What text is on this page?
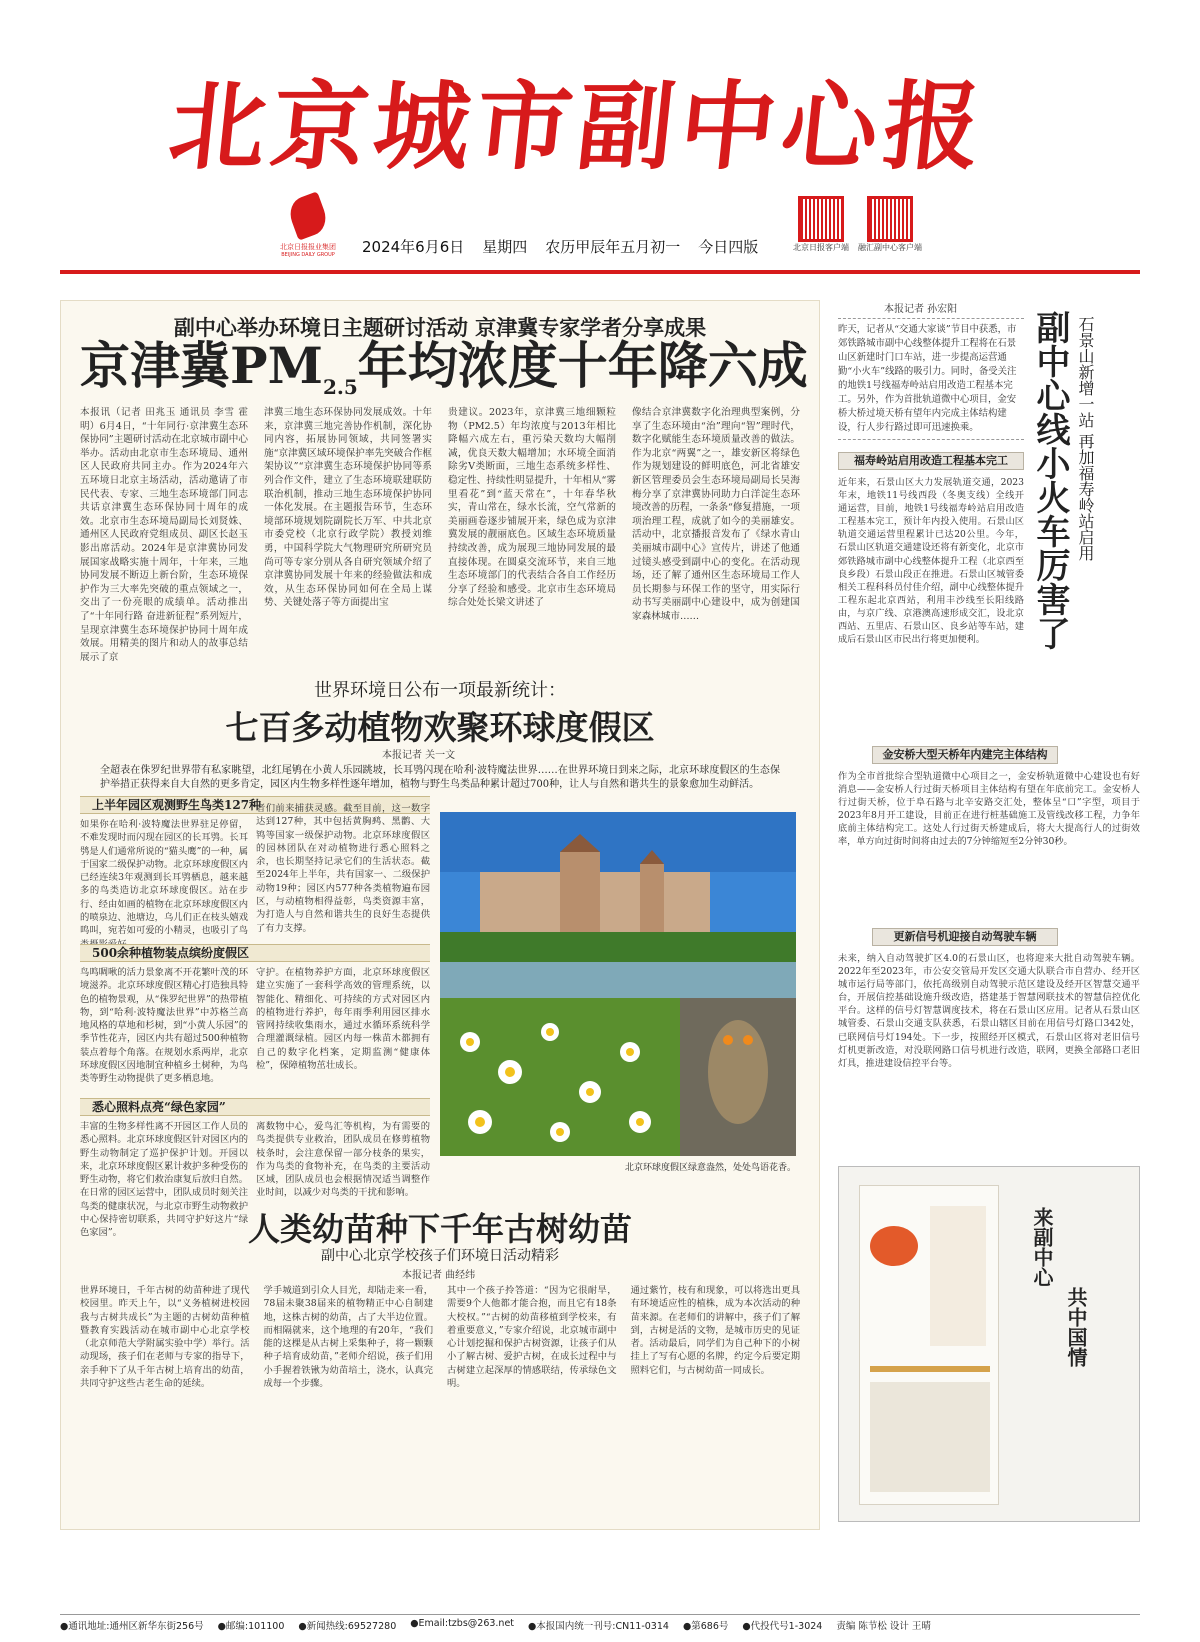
北京城市副中心报
北京日报报业集团
BEIJING DAILY GROUP	2024年6月6日 星期四 农历甲辰年五月初一 今日四版	北京日报客户端	融汇副中心客户端
副中心举办环境日主题研讨活动 京津冀专家学者分享成果
京津冀$PM_{2.5}$年均浓度十年降六成
本报讯（记者 田兆玉 通讯员 李雪 霍明）6月4日，“十年同行·京津冀生态环保协同”主题研讨活动在北京城市副中心举办。活动由北京市生态环境局、通州区人民政府共同主办。作为2024年六五环境日北京主场活动，活动邀请了市民代表、专家、三地生态环境部门同志共话京津冀生态环保协同十周年的成效。北京市生态环境局副局长刘贤姝、通州区人民政府党组成员、副区长赵玉影出席活动。2024年是京津冀协同发展国家战略实施十周年，十年来，三地协同发展不断迈上新台阶，生态环境保护作为三大率先突破的重点领域之一，交出了一份亮眼的成绩单。活动推出了“十年同行路 奋进新征程”系列短片，呈现京津冀生态环境保护协同十周年成效展。用精美的图片和动人的故事总结展示了京
津冀三地生态环保协同发展成效。十年来，京津冀三地完善协作机制，深化协同内容，拓展协同领域，共同签署实施“京津冀区域环境保护率先突破合作框架协议”“京津冀生态环境保护协同等系列合作文件，建立了生态环境联建联防联治机制，推动三地生态环境保护协同一体化发展。在主题报告环节，生态环境部环境规划院副院长万军、中共北京市委党校（北京行政学院）教授刘维勇，中国科学院大气物理研究所研究员尚可等专家分别从各自研究领域介绍了京津冀协同发展十年来的经验做法和成效，从生态环保协同如何在全局上谋势、关键处落子等方面提出宝
贵建议。2023年，京津冀三地细颗粒物（PM2.5）年均浓度与2013年相比降幅六成左右，重污染天数均大幅削减，优良天数大幅增加；水环境全面消除劣V类断面，三地生态系统多样性、稳定性、持续性明显提升，十年相从“雾里看花”到“蓝天常在”，十年春华秋实，青山常在，绿水长流，空气常新的美丽画卷逐步铺展开来，绿色成为京津冀发展的靓丽底色。区域生态环境质量持续改善，成为展现三地协同发展的最直接体现。在圆桌交流环节，来自三地生态环境部门的代表结合各自工作经历分享了经验和感受。北京市生态环境局综合处处长梁文讲述了
像结合京津冀数字化治理典型案例，分享了生态环境由“治”理向“智”理时代，数字化赋能生态环境质量改善的做法。作为北京“两翼”之一，雄安新区将绿色作为规划建设的鲜明底色，河北省雄安新区管理委员会生态环境局副局长吴海梅分享了京津冀协同助力白洋淀生态环境改善的历程，一条条“修复措施，一项项治理工程，成就了如今的美丽雄安。活动中，北京播报音发布了《绿水青山美丽城市副中心》宣传片，讲述了他通过镜头感受到副中心的变化。在活动现场，还了解了通州区生态环境局工作人员长期参与环保工作的坚守，用实际行动书写美丽副中心建设中，成为创建国家森林城市……
世界环境日公布一项最新统计：
七百多动植物欢聚环球度假区
本报记者 关一文
全超表在侏罗纪世界带有私家眺望，北红尾鸲在小黄人乐园跳坡，长耳鸮闪现在哈利·波特魔法世界……在世界环境日到来之际，北京环球度假区的生态保护举措正获得来自大自然的更多肯定，园区内生物多样性逐年增加，植物与野生鸟类品种累计超过700种，让人与自然和谐共生的景象愈加生动鲜活。
上半年园区观测野生鸟类127种
如果你在哈利·波特魔法世界驻足停留，不难发现时而闪现在园区的长耳鸮。长耳鸮是人们通常所说的“猫头鹰”的一种，属于国家二级保护动物。北京环球度假区内已经连续3年观测到长耳鸮栖息，越来越多的鸟类造访北京环球度假区。站在步行、经由如画的植物在北京环球度假区内的喷泉边、池塘边，乌儿们正在枝头嬉戏鸣叫，宛若如可爱的小精灵，也吸引了鸟
者们前来捕获灵感。截至目前，这一数字达到127种，其中包括黄胸鹀、黑鹳、大鸨等国家一级保护动物。北京环球度假区的园林团队在对动植物进行悉心照料之余，也长期坚持记录它们的生活状态。截至2024年上半年，共有国家一、二级保护动物19种；园区内577种各类植物遍布园区，与动植物相得益彰，鸟类资源丰富，为打造人与自然和谐共生的良好生态提供了有力支撑。
500余种植物装点缤纷度假区
鸟鸣啁啾的活力景象离不开花繁叶茂的环境滋养。北京环球度假区精心打造独具特色的植物景观，从“侏罗纪世界”的热带植物，到“哈利·波特魔法世界”中苏格兰高地风格的草地和杉树，到“小黄人乐园”的季节性花卉，园区内共有超过500种植物装点着每个角落。在规划水系两岸，北京环球度假区因地制宜种植乡土树种，为鸟类等野生动物提供了更多栖息地。
守护。在植物养护方面，北京环球度假区建立实施了一套科学高效的管理系统，以智能化、精细化、可持续的方式对园区内的植物进行养护，每年雨季利用园区排水管网持续收集雨水，通过水循环系统科学合理灌溉绿植。园区内每一株苗木都拥有自己的数字化档案，定期监测“健康体检”，保障植物茁壮成长。
悉心照料点亮“绿色家园”
丰富的生物多样性离不开园区工作人员的悉心照料。北京环球度假区针对园区内的野生动物制定了巡护保护计划。开园以来，北京环球度假区累计救护多种受伤的野生动物，将它们救治康复后放归自然。在日常的园区运营中，团队成员时刻关注鸟类的健康状况，与北京市野生动物救护中心保持密切联系，共同守护好这片“绿色家园”。
离数物中心，爱鸟汇等机构，为有需要的鸟类提供专业救治，团队成员在修剪植物枝条时，会注意保留一部分枝条的果实，作为鸟类的食物补充，在鸟类的主要活动区域，团队成员也会根据情况适当调整作业时间，以减少对鸟类的干扰和影响。
北京环球度假区绿意盎然，处处鸟语花香。
人类幼苗种下千年古树幼苗
副中心北京学校孩子们环境日活动精彩
本报记者 曲经纬
世界环境日，千年古树的幼苗种进了现代校园里。昨天上午，以“义务植树进校园 我与古树共成长”为主题的古树幼苗种植暨教育实践活动在城市副中心北京学校（北京师范大学附属实验中学）举行。活动现场，孩子们在老师与专家的指导下，亲手种下了从千年古树上培育出的幼苗，共同守护这些古老生命的延续。
学手城道到引众人目光，却陆走来一看，78届未聚38届来的植物精正中心自制建地，这株古树的幼苗，占了大半边位置。而相隔就来，这个地理的有20年，“我们能的这棵是从古树上采集种子，将一颗颗种子培育成幼苗，”老师介绍说，孩子们用小手握着铁锹为幼苗培土，浇水，认真完成每一个步骤。
其中一个孩子拎答道：“因为它很耐旱，需要9个人他都才能合抱，而且它有18条大校权。”“古树的幼苗移植到学校来，有着重要意义，”专家介绍说，北京城市副中心计划挖掘和保护古树资源，让孩子们从小了解古树、爱护古树，在成长过程中与古树建立起深厚的情感联结，传承绿色文明。
通过紫竹，枝有和现象，可以将选出更具有环境适应性的植株，成为本次活动的种苗来源。在老师们的讲解中，孩子们了解到，古树是活的文物，是城市历史的见证者。活动最后，同学们为自己种下的小树挂上了写有心愿的名牌，约定今后要定期照料它们，与古树幼苗一同成长。
本报记者 孙宏阳
石景山新增一站 再加福寿岭站启用
副中心线小火车厉害了
昨天，记者从“交通大家谈”节目中获悉，市郊铁路城市副中心线整体提升工程将在石景山区新建时门口车站，进一步提高运营通勤“小火车”线路的吸引力。同时，备受关注的地铁1号线福寿岭站启用改造工程基本完工。另外，作为首批轨道微中心项目，金安桥大桥过境天桥有望年内完成主体结构建设，行人步行路过即可迅速换乘。
福寿岭站启用改造工程基本完工
近年来，石景山区大力发展轨道交通，2023年末，地铁11号线西段（冬奥支线）全线开通运营，目前，地铁1号线福寿岭站启用改造工程基本完工，预计年内投入使用。石景山区轨道交通运营里程累计已达20公里。今年，石景山区轨道交通建设还将有新变化，北京市郊铁路城市副中心线整体提升工程（北京西至良乡段）石景山段正在推进。石景山区城管委相关工程科科员付佳介绍，副中心线整体提升工程东起北京西站，利用丰沙线至长阳线路由，与京广线、京港澳高速形成交汇，设北京西站、五里店、石景山区、良乡站等车站，建成后石景山区市民出行将更加便利。
金安桥大型天桥年内建完主体结构
作为全市首批综合型轨道微中心项目之一，金安桥轨道微中心建设也有好消息——金安桥人行过街天桥项目主体结构有望在年底前完工。金安桥人行过街天桥，位于阜石路与北辛安路交汇处，整体呈“口”字型，项目于2023年8月开工建设，目前正在进行桩基础施工及管线改移工程，力争年底前主体结构完工。这处人行过街天桥建成后，将大大提高行人的过街效率，单方向过街时间将由过去的7分钟缩短至2分钟30秒。
更新信号机迎接自动驾驶车辆
未来，纳入自动驾驶扩区4.0的石景山区，也将迎来大批自动驾驶车辆。2022年至2023年，市公安交管局开发区交通大队联合市自营办、经开区城市运行局等部门，依托高级别自动驾驶示范区建设及经开区智慧交通平台，开展信控基础设施升级改造，搭建基于智慧网联技术的智慧信控优化平台。这样的信号灯智慧调度技术，将在石景山区应用。记者从石景山区城管委、石景山交通支队获悉，石景山辖区目前在用信号灯路口342处，已联网信号灯194处。下一步，按照经开区模式，石景山区将对老旧信号灯机更新改造，对没联网路口信号机进行改造，联网，更换全部路口老旧灯具，推进建设信控平台等。
来副中心
共中国情
●通讯地址:通州区新华东街256号 ●邮编:101100 ●新闻热线:69527280 ●Email:tzbs@263.net ●本报国内统一刊号:CN11-0314 ●第686号 ●代投代号1-3024 责编 陈节松 设计 王晴
